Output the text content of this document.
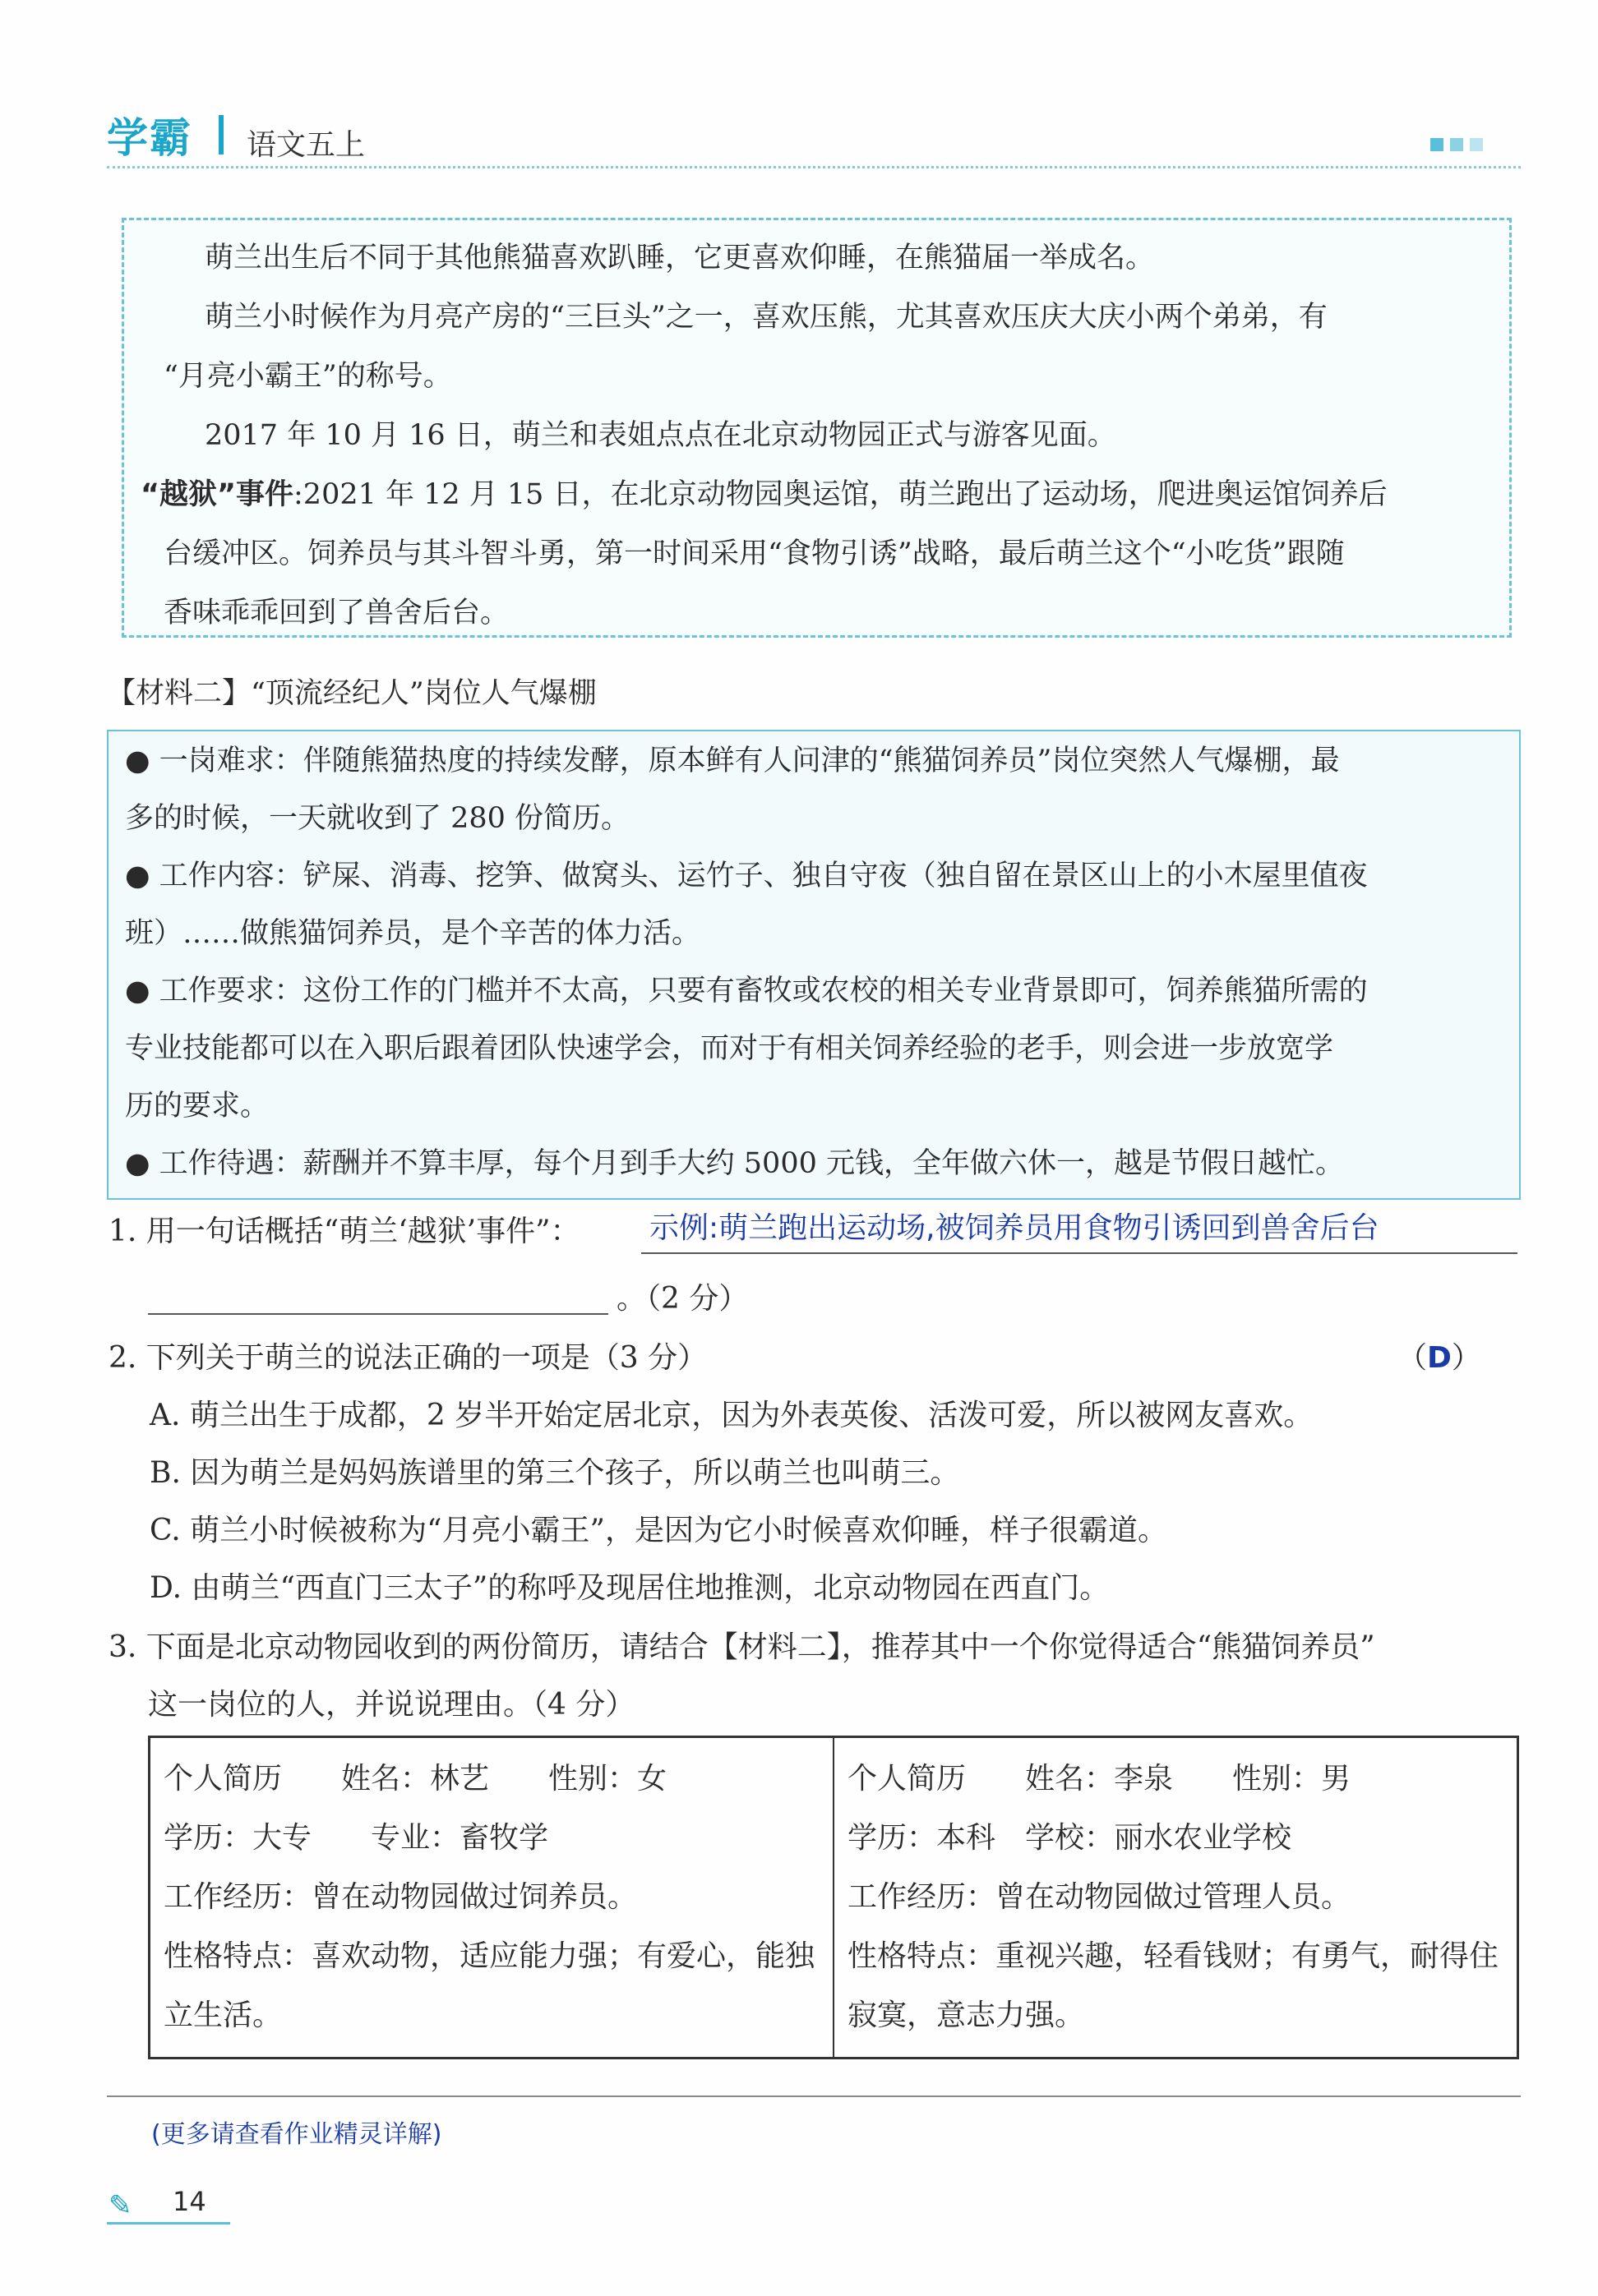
学霸 语文五上
萌兰出生后不同于其他熊猫喜欢趴睡，它更喜欢仰睡，在熊猫届一举成名。
萌兰小时候作为月亮产房的“三巨头”之一，喜欢压熊，尤其喜欢压庆大庆小两个弟弟，有
“月亮小霸王”的称号。
2017 年 10 月 16 日，萌兰和表姐点点在北京动物园正式与游客见面。
“越狱”事件:2021 年 12 月 15 日，在北京动物园奥运馆，萌兰跑出了运动场，爬进奥运馆饲养后
台缓冲区。饲养员与其斗智斗勇，第一时间采用“食物引诱”战略，最后萌兰这个“小吃货”跟随
香味乖乖回到了兽舍后台。
【材料二】“顶流经纪人”岗位人气爆棚
● 一岗难求：伴随熊猫热度的持续发酵，原本鲜有人问津的“熊猫饲养员”岗位突然人气爆棚，最
多的时候，一天就收到了 280 份简历。
● 工作内容：铲屎、消毒、挖笋、做窝头、运竹子、独自守夜（独自留在景区山上的小木屋里值夜
班）……做熊猫饲养员，是个辛苦的体力活。
● 工作要求：这份工作的门槛并不太高，只要有畜牧或农校的相关专业背景即可，饲养熊猫所需的
专业技能都可以在入职后跟着团队快速学会，而对于有相关饲养经验的老手，则会进一步放宽学
历的要求。
● 工作待遇：薪酬并不算丰厚，每个月到手大约 5000 元钱，全年做六休一，越是节假日越忙。
1. 用一句话概括“萌兰‘越狱’事件”： 示例:萌兰跑出运动场,被饲养员用食物引诱回到兽舍后台
。（2 分）
2. 下列关于萌兰的说法正确的一项是（3 分）	（D）
A. 萌兰出生于成都，2 岁半开始定居北京，因为外表英俊、活泼可爱，所以被网友喜欢。
B. 因为萌兰是妈妈族谱里的第三个孩子，所以萌兰也叫萌三。
C. 萌兰小时候被称为“月亮小霸王”，是因为它小时候喜欢仰睡，样子很霸道。
D. 由萌兰“西直门三太子”的称呼及现居住地推测，北京动物园在西直门。
3. 下面是北京动物园收到的两份简历，请结合【材料二】，推荐其中一个你觉得适合“熊猫饲养员”
这一岗位的人，并说说理由。（4 分）
个人简历　　姓名：林艺　　性别：女
学历：大专　　专业：畜牧学
工作经历：曾在动物园做过饲养员。
性格特点：喜欢动物，适应能力强；有爱心，能独立生活。

个人简历　　姓名：李泉　　性别：男
学历：本科　学校：丽水农业学校
工作经历：曾在动物园做过管理人员。
性格特点：重视兴趣，轻看钱财；有勇气，耐得住寂寞，意志力强。
(更多请查看作业精灵详解)
✎ 14
